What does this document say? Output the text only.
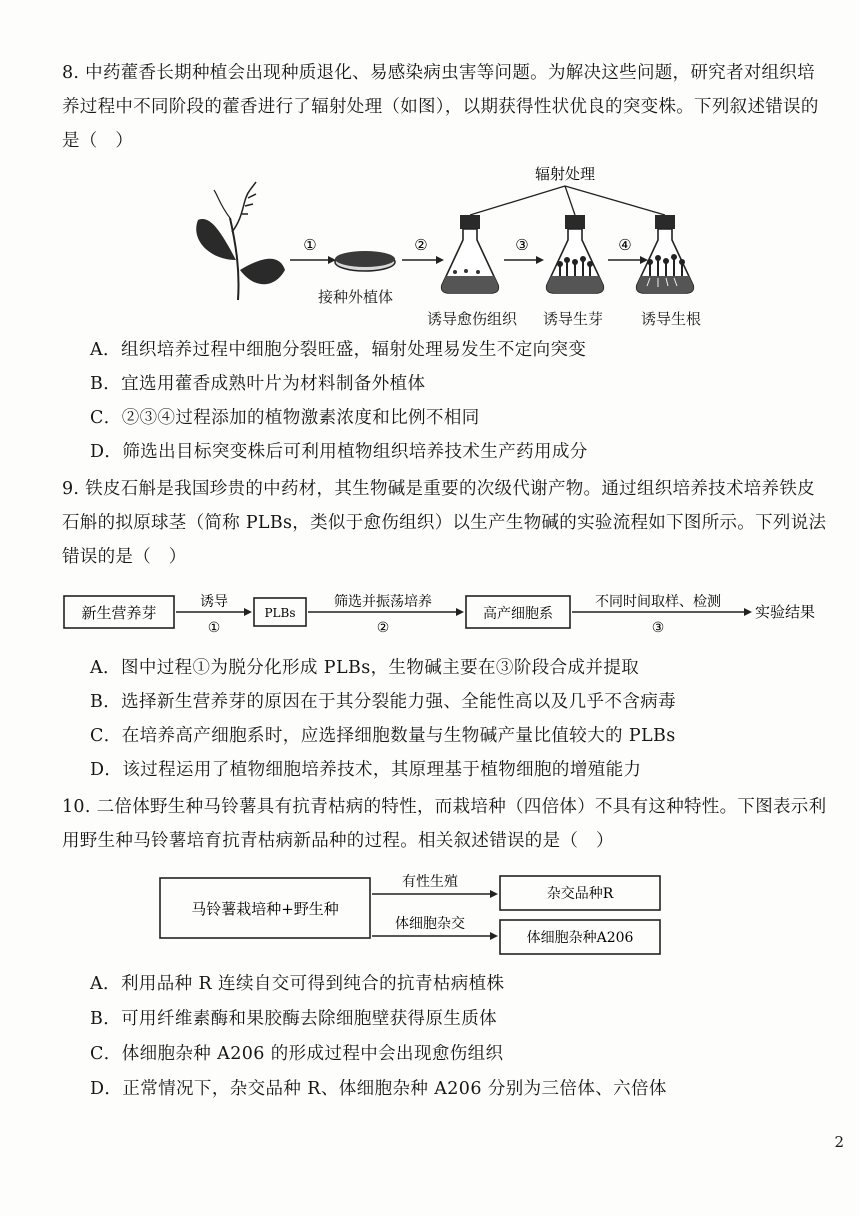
8. 中药藿香长期种植会出现种质退化、易感染病虫害等问题。为解决这些问题，研究者对组织培养过程中不同阶段的藿香进行了辐射处理（如图），以期获得性状优良的突变株。下列叙述错误的是（　）
辐射处理
①	②	③	④
接种外植体
诱导愈伤组织 诱导生芽	诱导生根
A．组织培养过程中细胞分裂旺盛，辐射处理易发生不定向突变
B．宜选用藿香成熟叶片为材料制备外植体
C．②③④过程添加的植物激素浓度和比例不相同
D．筛选出目标突变株后可利用植物组织培养技术生产药用成分
9. 铁皮石斛是我国珍贵的中药材，其生物碱是重要的次级代谢产物。通过组织培养技术培养铁皮石斛的拟原球茎（简称 PLBs，类似于愈伤组织）以生产生物碱的实验流程如下图所示。下列说法错误的是（　）
新生营养芽
诱导
①
PLBs
筛选并振荡培养
②
高产细胞系
不同时间取样、检测
③
实验结果
A．图中过程①为脱分化形成 PLBs，生物碱主要在③阶段合成并提取
B．选择新生营养芽的原因在于其分裂能力强、全能性高以及几乎不含病毒
C．在培养高产细胞系时，应选择细胞数量与生物碱产量比值较大的 PLBs
D．该过程运用了植物细胞培养技术，其原理基于植物细胞的增殖能力
10. 二倍体野生种马铃薯具有抗青枯病的特性，而栽培种（四倍体）不具有这种特性。下图表示利用野生种马铃薯培育抗青枯病新品种的过程。相关叙述错误的是（　）
马铃薯栽培种+野生种
有性生殖
杂交品种R
体细胞杂交
体细胞杂种A206
A．利用品种 R 连续自交可得到纯合的抗青枯病植株
B．可用纤维素酶和果胶酶去除细胞壁获得原生质体
C．体细胞杂种 A206 的形成过程中会出现愈伤组织
D．正常情况下，杂交品种 R、体细胞杂种 A206 分别为三倍体、六倍体
2
